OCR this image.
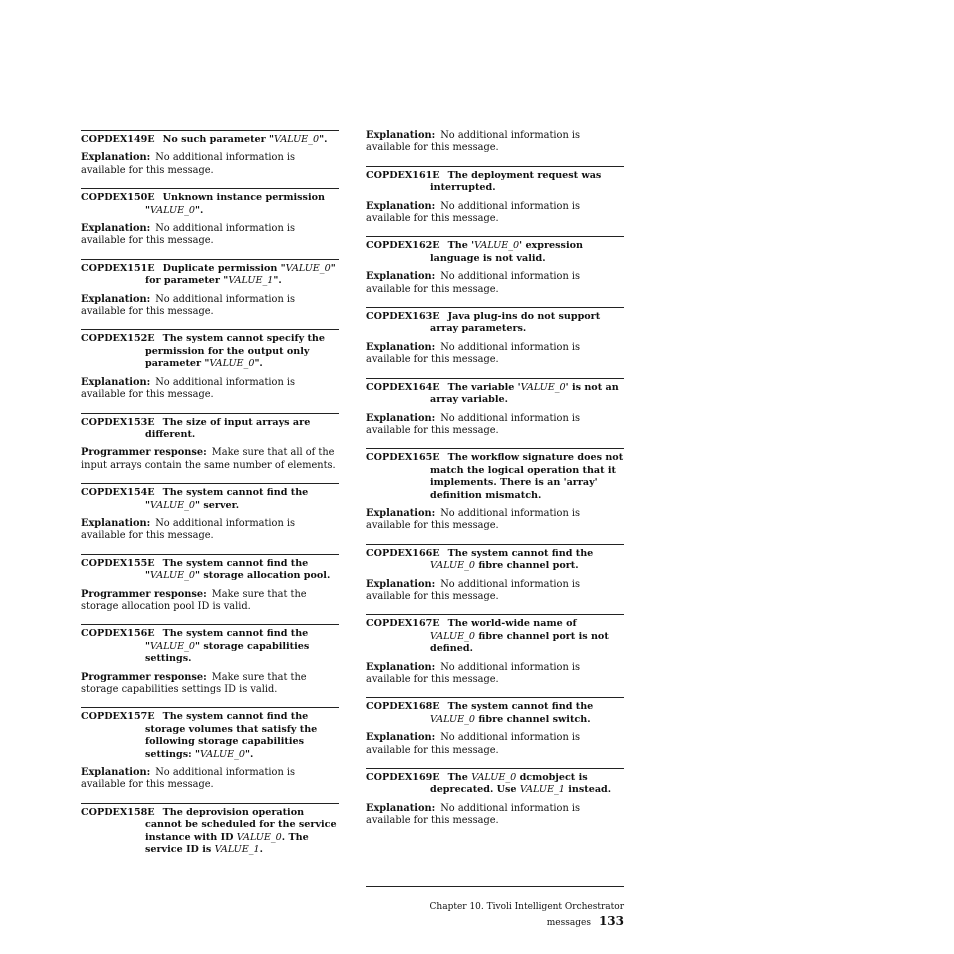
COPDEX149E No such parameter "VALUE_0".

Explanation: No additional information is available for this message.

COPDEX150E Unknown instance permission "VALUE_0".

Explanation: No additional information is available for this message.

COPDEX151E Duplicate permission "VALUE_0" for parameter "VALUE_1".

Explanation: No additional information is available for this message.

COPDEX152E The system cannot specify the permission for the output only parameter "VALUE_0".

Explanation: No additional information is available for this message.

COPDEX153E The size of input arrays are different.

Programmer response: Make sure that all of the input arrays contain the same number of elements.

COPDEX154E The system cannot find the "VALUE_0" server.

Explanation: No additional information is available for this message.

COPDEX155E The system cannot find the "VALUE_0" storage allocation pool.

Programmer response: Make sure that the storage allocation pool ID is valid.

COPDEX156E The system cannot find the "VALUE_0" storage capabilities settings.

Programmer response: Make sure that the storage capabilities settings ID is valid.

COPDEX157E The system cannot find the storage volumes that satisfy the following storage capabilities settings: "VALUE_0".

Explanation: No additional information is available for this message.

COPDEX158E The deprovision operation cannot be scheduled for the service instance with ID VALUE_0. The service ID is VALUE_1.

Explanation: No additional information is available for this message.

COPDEX161E The deployment request was interrupted.

Explanation: No additional information is available for this message.

COPDEX162E The 'VALUE_0' expression language is not valid.

Explanation: No additional information is available for this message.

COPDEX163E Java plug-ins do not support array parameters.

Explanation: No additional information is available for this message.

COPDEX164E The variable 'VALUE_0' is not an array variable.

Explanation: No additional information is available for this message.

COPDEX165E The workflow signature does not match the logical operation that it implements. There is an 'array' definition mismatch.

Explanation: No additional information is available for this message.

COPDEX166E The system cannot find the VALUE_0 fibre channel port.

Explanation: No additional information is available for this message.

COPDEX167E The world-wide name of VALUE_0 fibre channel port is not defined.

Explanation: No additional information is available for this message.

COPDEX168E The system cannot find the VALUE_0 fibre channel switch.

Explanation: No additional information is available for this message.

COPDEX169E The VALUE_0 dcmobject is deprecated. Use VALUE_1 instead.

Explanation: No additional information is available for this message.

Chapter 10. Tivoli Intelligent Orchestrator messages 133
